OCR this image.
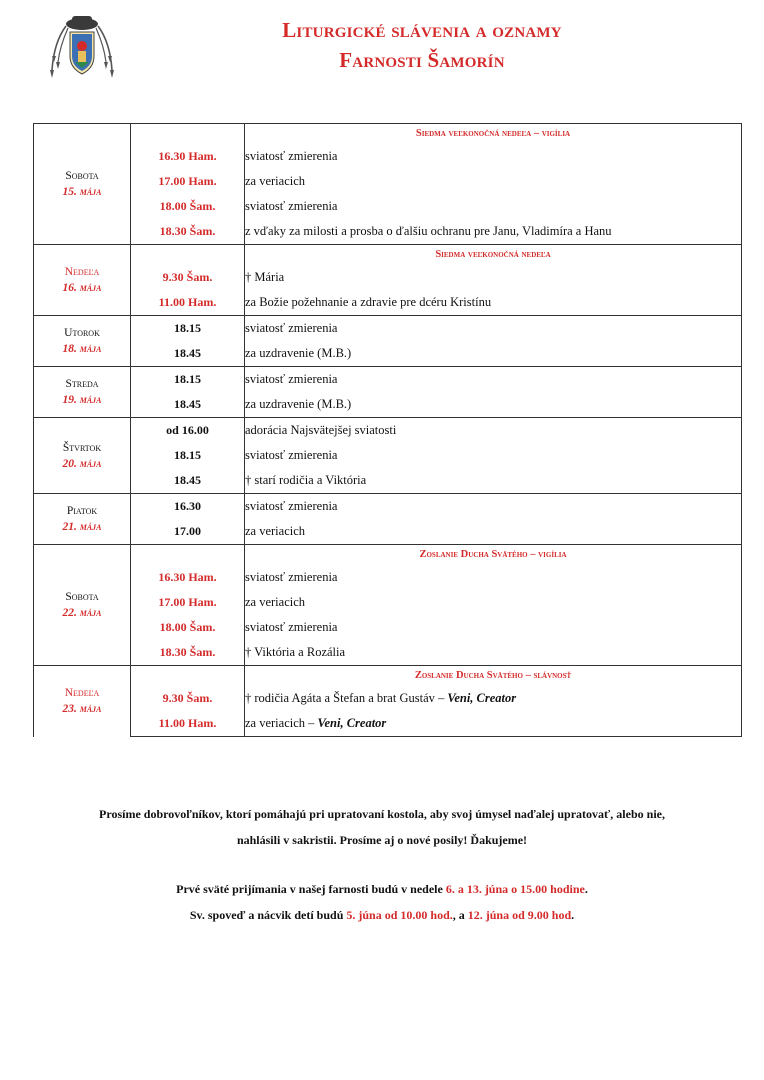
Liturgické slávenia a oznamy
Farnosti Šamorín
Sobota
15. mája		Siedma veľkonočná nedeľa – vigília
	16.30 Ham.	sviatosť zmierenia
	17.00 Ham.	za veriacich
	18.00 Šam.	sviatosť zmierenia
	18.30 Šam.	z vďaky za milosti a prosba o ďalšiu ochranu pre Janu, Vladimíra a Hanu

Nedeľa
16. mája		Siedma veľkonočná nedeľa
	9.30 Šam.	† Mária
	11.00 Ham.	za Božie požehnanie a zdravie pre dcéru Kristínu

Utorok
18. mája	18.15	sviatosť zmierenia
	18.45	za uzdravenie (M.B.)

Streda
19. mája	18.15	sviatosť zmierenia
	18.45	za uzdravenie (M.B.)

Štvrtok
20. mája	od 16.00	adorácia Najsvätejšej sviatosti
	18.15	sviatosť zmierenia
	18.45	† starí rodičia a Viktória

Piatok
21. mája	16.30	sviatosť zmierenia
	17.00	za veriacich

Sobota
22. mája		Zoslanie Ducha Svätého – vigília
	16.30 Ham.	sviatosť zmierenia
	17.00 Ham.	za veriacich
	18.00 Šam.	sviatosť zmierenia
	18.30 Šam.	† Viktória a Rozália

Nedeľa
23. mája		Zoslanie Ducha Svätého – slávnosť
	9.30 Šam.	† rodičia Agáta a Štefan a brat Gustáv – Veni, Creator
	11.00 Ham.	za veriacich – Veni, Creator

Prosíme dobrovoľníkov, ktorí pomáhajú pri upratovaní kostola, aby svoj úmysel naďalej upratovať, alebo nie,

nahlásili v sakristii. Prosíme aj o nové posily! Ďakujeme!

Prvé sväté prijímania v našej farnosti budú v nedele 6. a 13. júna o 15.00 hodine.

Sv. spoveď a nácvik detí budú 5. júna od 10.00 hod., a 12. júna od 9.00 hod.
